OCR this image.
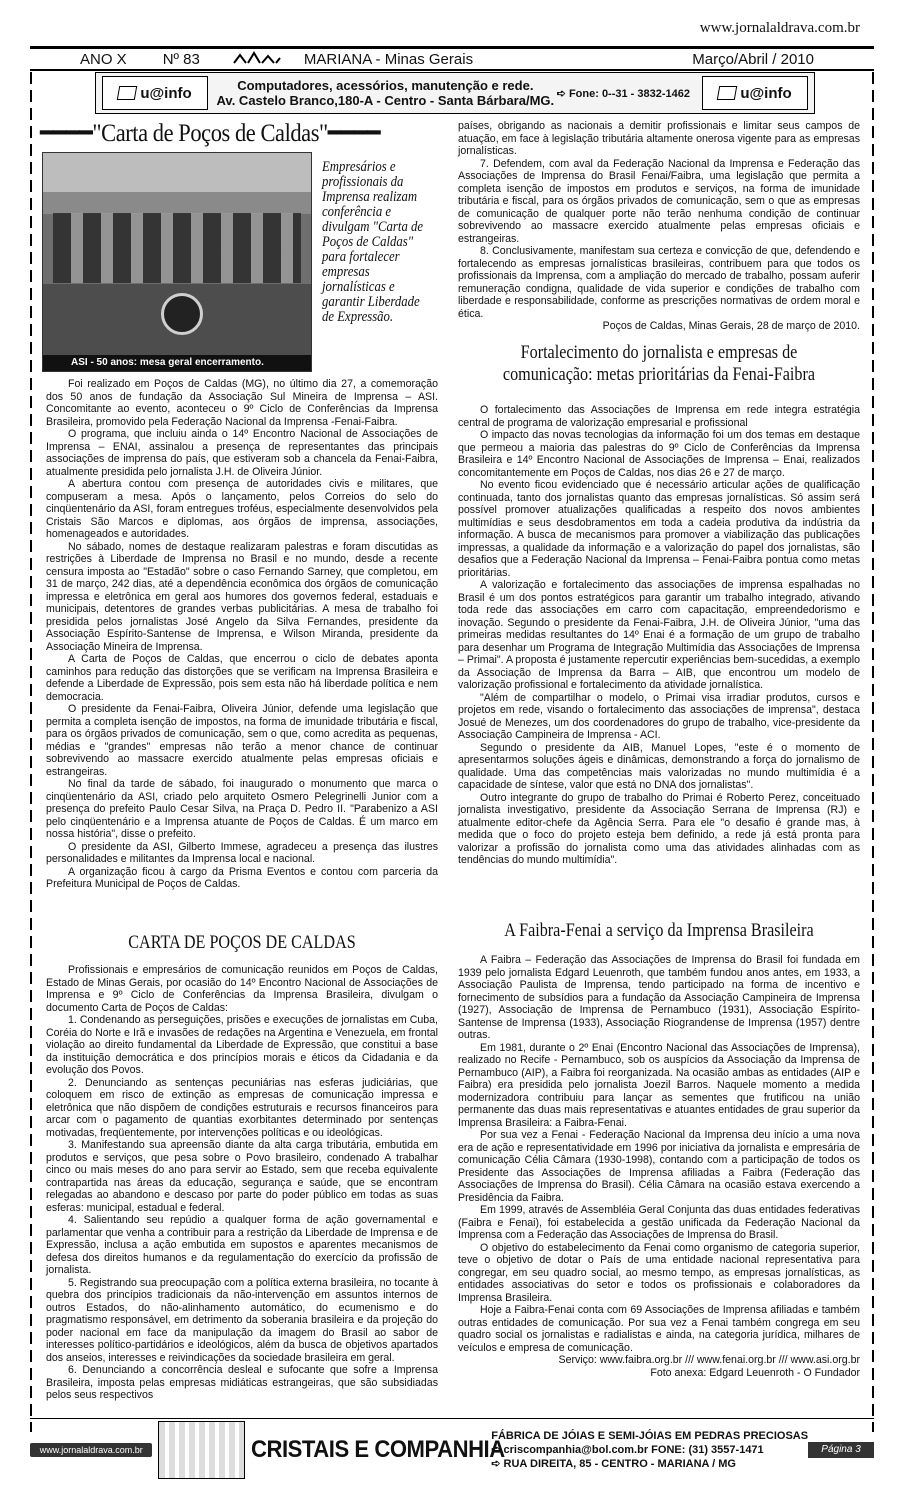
www.jornalaldrava.com.br
ANO X Nº 83	MARIANA - Minas Gerais	Março/Abril / 2010
u@info	Computadores, acessórios, manutenção e rede.
Av. Castelo Branco,180-A - Centro - Santa Bárbara/MG. ➪ Fone: 0--31 - 3832-1462	u@info
━━━━"Carta de Poços de Caldas"━━━━
ASI - 50 anos: mesa geral encerramento.
Empresários e profissionais da Imprensa realizam conferência e divulgam "Carta de Poços de Caldas" para fortalecer empresas jornalísticas e garantir Liberdade de Expressão.

Foi realizado em Poços de Caldas (MG), no último dia 27, a comemoração dos 50 anos de fundação da Associação Sul Mineira de Imprensa – ASI. Concomitante ao evento, aconteceu o 9º Ciclo de Conferências da Imprensa Brasileira, promovido pela Federação Nacional da Imprensa -Fenai-Faibra.

O programa, que incluiu ainda o 14º Encontro Nacional de Associações de Imprensa – ENAI, assinalou a presença de representantes das principais associações de imprensa do país, que estiveram sob a chancela da Fenai-Faibra, atualmente presidida pelo jornalista J.H. de Oliveira Júnior.

A abertura contou com presença de autoridades civis e militares, que compuseram a mesa. Após o lançamento, pelos Correios do selo do cinqüentenário da ASI, foram entregues troféus, especialmente desenvolvidos pela Cristais São Marcos e diplomas, aos órgãos de imprensa, associações, homenageados e autoridades.

No sábado, nomes de destaque realizaram palestras e foram discutidas as restrições à Liberdade de Imprensa no Brasil e no mundo, desde a recente censura imposta ao "Estadão" sobre o caso Fernando Sarney, que completou, em 31 de março, 242 dias, até a dependência econômica dos órgãos de comunicação impressa e eletrônica em geral aos humores dos governos federal, estaduais e municipais, detentores de grandes verbas publicitárias. A mesa de trabalho foi presidida pelos jornalistas José Angelo da Silva Fernandes, presidente da Associação Espírito-Santense de Imprensa, e Wilson Miranda, presidente da Associação Mineira de Imprensa.

A Carta de Poços de Caldas, que encerrou o ciclo de debates aponta caminhos para redução das distorções que se verificam na Imprensa Brasileira e defende a Liberdade de Expressão, pois sem esta não há liberdade política e nem democracia.

O presidente da Fenai-Faibra, Oliveira Júnior, defende uma legislação que permita a completa isenção de impostos, na forma de imunidade tributária e fiscal, para os órgãos privados de comunicação, sem o que, como acredita as pequenas, médias e "grandes" empresas não terão a menor chance de continuar sobrevivendo ao massacre exercido atualmente pelas empresas oficiais e estrangeiras.

No final da tarde de sábado, foi inaugurado o monumento que marca o cinqüentenário da ASI, criado pelo arquiteto Osmero Pelegrinelli Junior com a presença do prefeito Paulo Cesar Silva, na Praça D. Pedro II. "Parabenizo a ASI pelo cinqüentenário e a Imprensa atuante de Poços de Caldas. É um marco em nossa história", disse o prefeito.

O presidente da ASI, Gilberto Immese, agradeceu a presença das ilustres personalidades e militantes da Imprensa local e nacional.

A organização ficou à cargo da Prisma Eventos e contou com parceria da Prefeitura Municipal de Poços de Caldas.

CARTA DE POÇOS DE CALDAS

Profissionais e empresários de comunicação reunidos em Poços de Caldas, Estado de Minas Gerais, por ocasião do 14º Encontro Nacional de Associações de Imprensa e 9º Ciclo de Conferências da Imprensa Brasileira, divulgam o documento Carta de Poços de Caldas:

1. Condenando as perseguições, prisões e execuções de jornalistas em Cuba, Coréia do Norte e Irã e invasões de redações na Argentina e Venezuela, em frontal violação ao direito fundamental da Liberdade de Expressão, que constitui a base da instituição democrática e dos princípios morais e éticos da Cidadania e da evolução dos Povos.

2. Denunciando as sentenças pecuniárias nas esferas judiciárias, que coloquem em risco de extinção as empresas de comunicação impressa e eletrônica que não dispõem de condições estruturais e recursos financeiros para arcar com o pagamento de quantias exorbitantes determinado por sentenças motivadas, freqüentemente, por intervenções políticas e ou ideológicas.

3. Manifestando sua apreensão diante da alta carga tributária, embutida em produtos e serviços, que pesa sobre o Povo brasileiro, condenado A trabalhar cinco ou mais meses do ano para servir ao Estado, sem que receba equivalente contrapartida nas áreas da educação, segurança e saúde, que se encontram relegadas ao abandono e descaso por parte do poder público em todas as suas esferas: municipal, estadual e federal.

4. Salientando seu repúdio a qualquer forma de ação governamental e parlamentar que venha a contribuir para a restrição da Liberdade de Imprensa e de Expressão, inclusa a ação embutida em supostos e aparentes mecanismos de defesa dos direitos humanos e da regulamentação do exercício da profissão de jornalista.

5. Registrando sua preocupação com a política externa brasileira, no tocante à quebra dos princípios tradicionais da não-intervenção em assuntos internos de outros Estados, do não-alinhamento automático, do ecumenismo e do pragmatismo responsável, em detrimento da soberania brasileira e da projeção do poder nacional em face da manipulação da imagem do Brasil ao sabor de interesses político-partidários e ideológicos, além da busca de objetivos apartados dos anseios, interesses e reivindicações da sociedade brasileira em geral.

6. Denunciando a concorrência desleal e sufocante que sofre a Imprensa Brasileira, imposta pelas empresas midiáticas estrangeiras, que são subsidiadas pelos seus respectivos

países, obrigando as nacionais a demitir profissionais e limitar seus campos de atuação, em face à legislação tributária altamente onerosa vigente para as empresas jornalísticas.

7. Defendem, com aval da Federação Nacional da Imprensa e Federação das Associações de Imprensa do Brasil Fenai/Faibra, uma legislação que permita a completa isenção de impostos em produtos e serviços, na forma de imunidade tributária e fiscal, para os órgãos privados de comunicação, sem o que as empresas de comunicação de qualquer porte não terão nenhuma condição de continuar sobrevivendo ao massacre exercido atualmente pelas empresas oficiais e estrangeiras.

8. Conclusivamente, manifestam sua certeza e convicção de que, defendendo e fortalecendo as empresas jornalísticas brasileiras, contribuem para que todos os profissionais da Imprensa, com a ampliação do mercado de trabalho, possam auferir remuneração condigna, qualidade de vida superior e condições de trabalho com liberdade e responsabilidade, conforme as prescrições normativas de ordem moral e ética.

Poços de Caldas, Minas Gerais, 28 de março de 2010.

Fortalecimento do jornalista e empresas de comunicação: metas prioritárias da Fenai-Faibra

O fortalecimento das Associações de Imprensa em rede integra estratégia central de programa de valorização empresarial e profissional

O impacto das novas tecnologias da informação foi um dos temas em destaque que permeou a maioria das palestras do 9º Ciclo de Conferências da Imprensa Brasileira e 14º Encontro Nacional de Associações de Imprensa – Enai, realizados concomitantemente em Poços de Caldas, nos dias 26 e 27 de março.

No evento ficou evidenciado que é necessário articular ações de qualificação continuada, tanto dos jornalistas quanto das empresas jornalísticas. Só assim será possível promover atualizações qualificadas a respeito dos novos ambientes multimídias e seus desdobramentos em toda a cadeia produtiva da indústria da informação. A busca de mecanismos para promover a viabilização das publicações impressas, a qualidade da informação e a valorização do papel dos jornalistas, são desafios que a Federação Nacional da Imprensa – Fenai-Faibra pontua como metas prioritárias.

A valorização e fortalecimento das associações de imprensa espalhadas no Brasil é um dos pontos estratégicos para garantir um trabalho integrado, ativando toda rede das associações em carro com capacitação, empreendedorismo e inovação. Segundo o presidente da Fenai-Faibra, J.H. de Oliveira Júnior, "uma das primeiras medidas resultantes do 14º Enai é a formação de um grupo de trabalho para desenhar um Programa de Integração Multimídia das Associações de Imprensa – Primai". A proposta é justamente repercutir experiências bem-sucedidas, a exemplo da Associação de Imprensa da Barra – AIB, que encontrou um modelo de valorização profissional e fortalecimento da atividade jornalística.

"Além de compartilhar o modelo, o Primai visa irradiar produtos, cursos e projetos em rede, visando o fortalecimento das associações de imprensa", destaca Josué de Menezes, um dos coordenadores do grupo de trabalho, vice-presidente da Associação Campineira de Imprensa - ACI.

Segundo o presidente da AIB, Manuel Lopes, "este é o momento de apresentarmos soluções ágeis e dinâmicas, demonstrando a força do jornalismo de qualidade. Uma das competências mais valorizadas no mundo multimídia é a capacidade de síntese, valor que está no DNA dos jornalistas".

Outro integrante do grupo de trabalho do Primai é Roberto Perez, conceituado jornalista investigativo, presidente da Associação Serrana de Imprensa (RJ) e atualmente editor-chefe da Agência Serra. Para ele "o desafio é grande mas, à medida que o foco do projeto esteja bem definido, a rede já está pronta para valorizar a profissão do jornalista como uma das atividades alinhadas com as tendências do mundo multimídia".

A Faibra-Fenai a serviço da Imprensa Brasileira

A Faibra – Federação das Associações de Imprensa do Brasil foi fundada em 1939 pelo jornalista Edgard Leuenroth, que também fundou anos antes, em 1933, a Associação Paulista de Imprensa, tendo participado na forma de incentivo e fornecimento de subsídios para a fundação da Associação Campineira de Imprensa (1927), Associação de Imprensa de Pernambuco (1931), Associação Espírito-Santense de Imprensa (1933), Associação Riograndense de Imprensa (1957) dentre outras.

Em 1981, durante o 2º Enai (Encontro Nacional das Associações de Imprensa), realizado no Recife - Pernambuco, sob os auspícios da Associação da Imprensa de Pernambuco (AIP), a Faibra foi reorganizada. Na ocasião ambas as entidades (AIP e Faibra) era presidida pelo jornalista Joezil Barros. Naquele momento a medida modernizadora contribuiu para lançar as sementes que frutificou na união permanente das duas mais representativas e atuantes entidades de grau superior da Imprensa Brasileira: a Faibra-Fenai.

Por sua vez a Fenai - Federação Nacional da Imprensa deu início a uma nova era de ação e representatividade em 1996 por iniciativa da jornalista e empresária de comunicação Célia Câmara (1930-1998), contando com a participação de todos os Presidente das Associações de Imprensa afiliadas a Faibra (Federação das Associações de Imprensa do Brasil). Célia Câmara na ocasião estava exercendo a Presidência da Faibra.

Em 1999, através de Assembléia Geral Conjunta das duas entidades federativas (Faibra e Fenai), foi estabelecida a gestão unificada da Federação Nacional da Imprensa com a Federação das Associações de Imprensa do Brasil.

O objetivo do estabelecimento da Fenai como organismo de categoria superior, teve o objetivo de dotar o País de uma entidade nacional representativa para congregar, em seu quadro social, ao mesmo tempo, as empresas jornalísticas, as entidades associativas do setor e todos os profissionais e colaboradores da Imprensa Brasileira.

Hoje a Faibra-Fenai conta com 69 Associações de Imprensa afiliadas e também outras entidades de comunicação. Por sua vez a Fenai também congrega em seu quadro social os jornalistas e radialistas e ainda, na categoria jurídica, milhares de veículos e empresa de comunicação.

Serviço: www.faibra.org.br /// www.fenai.org.br /// www.asi.org.br

Foto anexa: Edgard Leuenroth - O Fundador

www.jornalaldrava.com.br	CRISTAIS E COMPANHIA
FÁBRICA DE JÓIAS E SEMI-JÓIAS EM PEDRAS PRECIOSAS
➪ criscompanhia@bol.com.br FONE: (31) 3557-1471
➪ RUA DIREITA, 85 - CENTRO - MARIANA / MG
Página 3
